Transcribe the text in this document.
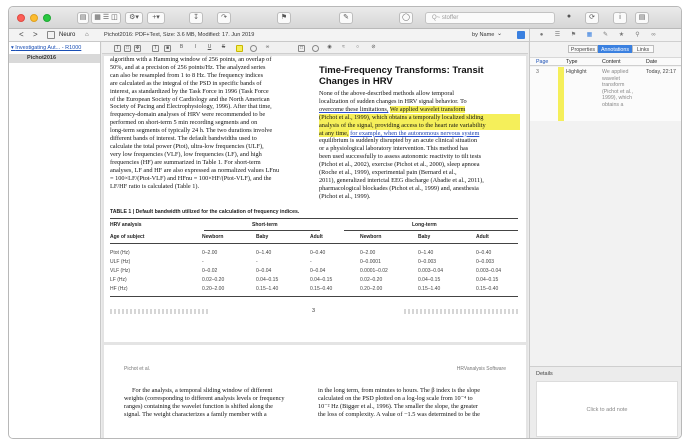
▤	▦ ☰ ◫	⚙▾	+▾	↧	↷	⚑	✎	◯	Q~ stoffer	●	⟳	i	▤
< >	Neuro ⌂	Pichot2016: PDF+Text, Size: 3.6 MB, Modified: 17. Jun 2019	by Name ⌄
▾ Investigating Aut... - R1000
Pichot2016
T	□	✥	T	■	B	I	U	S	∞	□	◉	≈	○	⊘
algorithm with a Hamming window of 256 points, an overlap of
50%, and at a precision of 256 points/Hz. The analyzed series
can also be resampled from 1 to 8 Hz. The frequency indices
are calculated as the integral of the PSD in specific bands of
interest, as standardized by the Task Force in 1996 (Task Force
of the European Society of Cardiology and the North American
Society of Pacing and Electrophysiology, 1996). After that time,
frequency-domain analyses of HRV were recommended to be
performed on short-term 5 min recording segments and on
long-term segments of typically 24 h. The two durations involve
different bands of interest. The default bandwidths used to
calculate the total power (Ptot), ultra-low frequencies (ULF),
very low frequencies (VLF), low frequencies (LF), and high
frequencies (HF) are summarized in Table 1. For short-term
analyses, LF and HF are also expressed as normalized values LFnu
= 100×LF/(Ptot-VLF) and HFnu = 100×HF/(Ptot-VLF), and the
LF/HF ratio is calculated (Table 1).
Time-Frequency Transforms: Transit
Changes in HRV
None of the above-described methods allow temporal
localization of sudden changes in HRV signal behavior. To
overcome these limitations, We applied wavelet transform
(Pichot et al., 1999), which obtains a temporally localized sliding
analysis of the signal, providing access to the heart rate variability
at any time, for example, when the autonomous nervous system
equilibrium is suddenly disrupted by an acute clinical situation
or a physiological laboratory intervention. This method has
been used successfully to assess autonomic reactivity to tilt tests
(Pichot et al., 2002), exercise (Pichot et al., 2000), sleep apnoea
(Roche et al., 1999), experimental pain (Bernard et al.,
2011), generalized interictal EEG discharge (Abadie et al., 2011),
pharmacological blockades (Pichot et al., 1999) and, anesthesia
(Pichot et al., 1999).
TABLE 1 | Default bandwidth utilized for the calculation of frequency indices.
HRV analysis	Short-term	Long-term
Age of subject	Newborn	Baby	Adult	Newborn	Baby	Adult
Ptot (Hz)	0–2.00	0–1.40	0–0.40	0–2.00	0–1.40	0–0.40
ULF (Hz)	-	-	-	0–0.0001	0–0.003	0–0.003
VLF (Hz)	0–0.02	0–0.04	0–0.04	0.0001–0.02	0.003–0.04	0.003–0.04
LF (Hz)	0.02–0.20	0.04–0.15	0.04–0.15	0.02–0.20	0.04–0.15	0.04–0.15
HF (Hz)	0.20–2.00	0.15–1.40	0.15–0.40	0.20–2.00	0.15–1.40	0.15–0.40
3
Pichot et al.	HRVanalysis Software
For the analysis, a temporal sliding window of different
weights (corresponding to different analysis levels or frequency
ranges) containing the wavelet function is shifted along the
signal. The weight characterizes a family member with a
in the long term, from minutes to hours. The β index is the slope
calculated on the PSD plotted on a log-log scale from 10⁻⁴ to
10⁻² Hz (Bigger et al., 1996). The smaller the slope, the greater
the loss of complexity. A value of −1.5 was determined to be the
● ☰ ⚑ ▦ ✎ ★ ⚲ ∞
Properties	Annotations	Links
Page	Type	Content	Date
3	Highlight	We applied wavelet transform (Pichot et al., 1999), which obtains a
Today, 22:17
Details
Click to add note
